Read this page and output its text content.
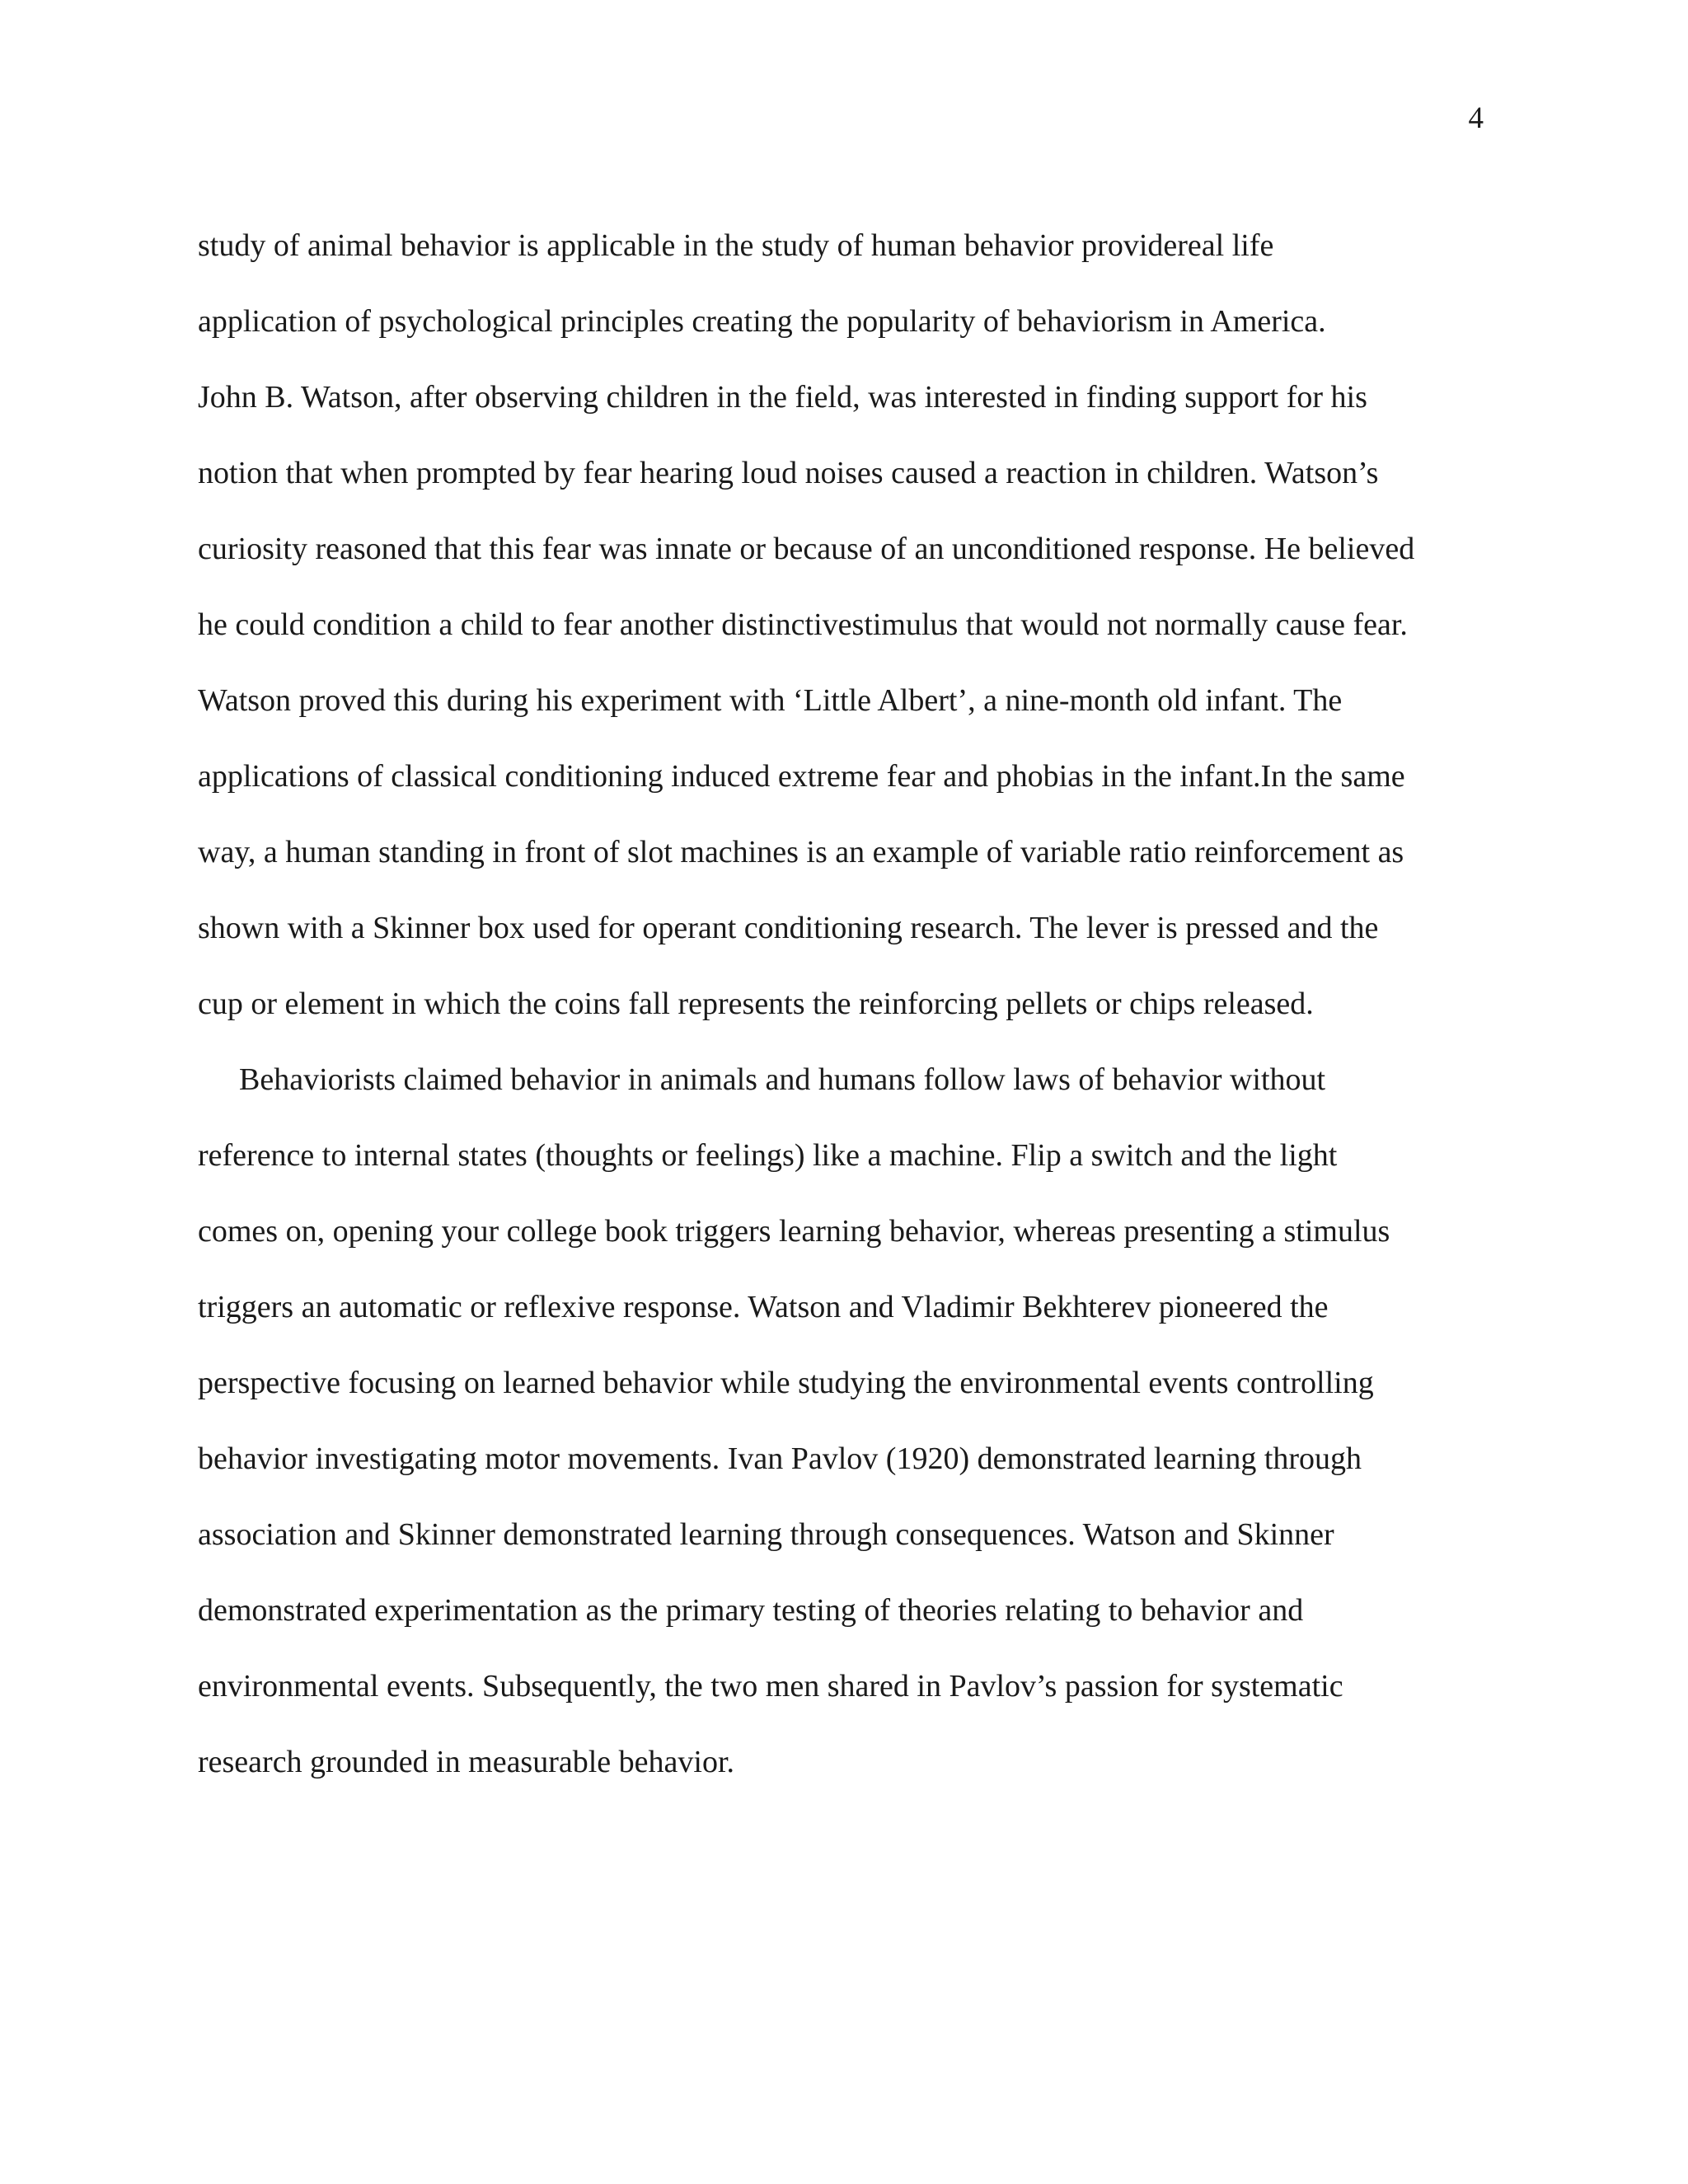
4
study of animal behavior is applicable in the study of human behavior providereal life
application of psychological principles creating the popularity of behaviorism in America.
John B. Watson, after observing children in the field, was interested in finding support for his
notion that when prompted by fear hearing loud noises caused a reaction in children. Watson’s
curiosity reasoned that this fear was innate or because of an unconditioned response. He believed
he could condition a child to fear another distinctivestimulus that would not normally cause fear.
Watson proved this during his experiment with ‘Little Albert’, a nine-month old infant. The
applications of classical conditioning induced extreme fear and phobias in the infant.In the same
way, a human standing in front of slot machines is an example of variable ratio reinforcement as
shown with a Skinner box used for operant conditioning research. The lever is pressed and the
cup or element in which the coins fall represents the reinforcing pellets or chips released.
Behaviorists claimed behavior in animals and humans follow laws of behavior without
reference to internal states (thoughts or feelings) like a machine. Flip a switch and the light
comes on, opening your college book triggers learning behavior, whereas presenting a stimulus
triggers an automatic or reflexive response. Watson and Vladimir Bekhterev pioneered the
perspective focusing on learned behavior while studying the environmental events controlling
behavior investigating motor movements. Ivan Pavlov (1920) demonstrated learning through
association and Skinner demonstrated learning through consequences. Watson and Skinner
demonstrated experimentation as the primary testing of theories relating to behavior and
environmental events. Subsequently, the two men shared in Pavlov’s passion for systematic
research grounded in measurable behavior.
